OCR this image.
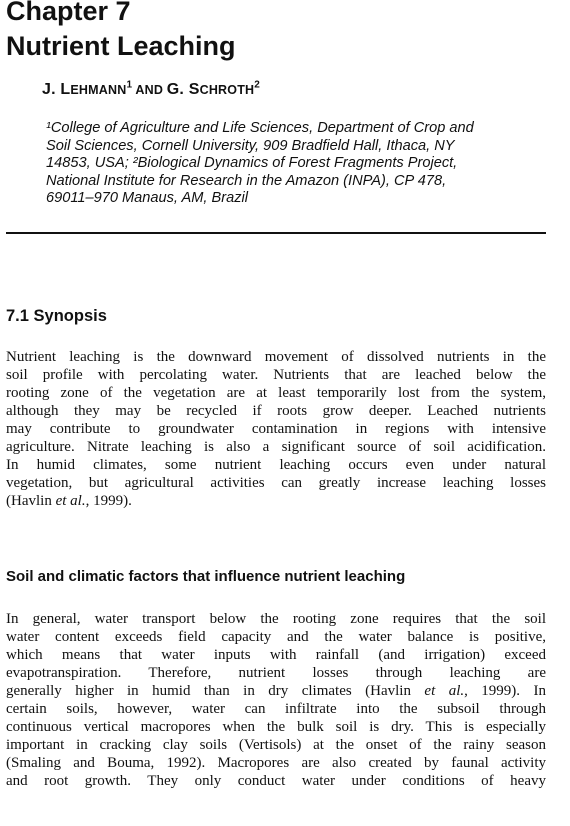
Chapter 7
Nutrient Leaching
J. LEHMANN$^1$ AND G. SCHROTH$^2$
¹College of Agriculture and Life Sciences, Department of Crop and
Soil Sciences, Cornell University, 909 Bradfield Hall, Ithaca, NY
14853, USA; ²Biological Dynamics of Forest Fragments Project,
National Institute for Research in the Amazon (INPA), CP 478,
69011–970 Manaus, AM, Brazil
7.1 Synopsis
Nutrient leaching is the downward movement of dissolved nutrients in the
soil profile with percolating water. Nutrients that are leached below the
rooting zone of the vegetation are at least temporarily lost from the system,
although they may be recycled if roots grow deeper. Leached nutrients
may contribute to groundwater contamination in regions with intensive
agriculture. Nitrate leaching is also a significant source of soil acidification.
In humid climates, some nutrient leaching occurs even under natural
vegetation, but agricultural activities can greatly increase leaching losses
(Havlin et al., 1999).
Soil and climatic factors that influence nutrient leaching
In general, water transport below the rooting zone requires that the soil
water content exceeds field capacity and the water balance is positive,
which means that water inputs with rainfall (and irrigation) exceed
evapotranspiration. Therefore, nutrient losses through leaching are
generally higher in humid than in dry climates (Havlin et al., 1999). In
certain soils, however, water can infiltrate into the subsoil through
continuous vertical macropores when the bulk soil is dry. This is especially
important in cracking clay soils (Vertisols) at the onset of the rainy season
(Smaling and Bouma, 1992). Macropores are also created by faunal activity
and root growth. They only conduct water under conditions of heavy
